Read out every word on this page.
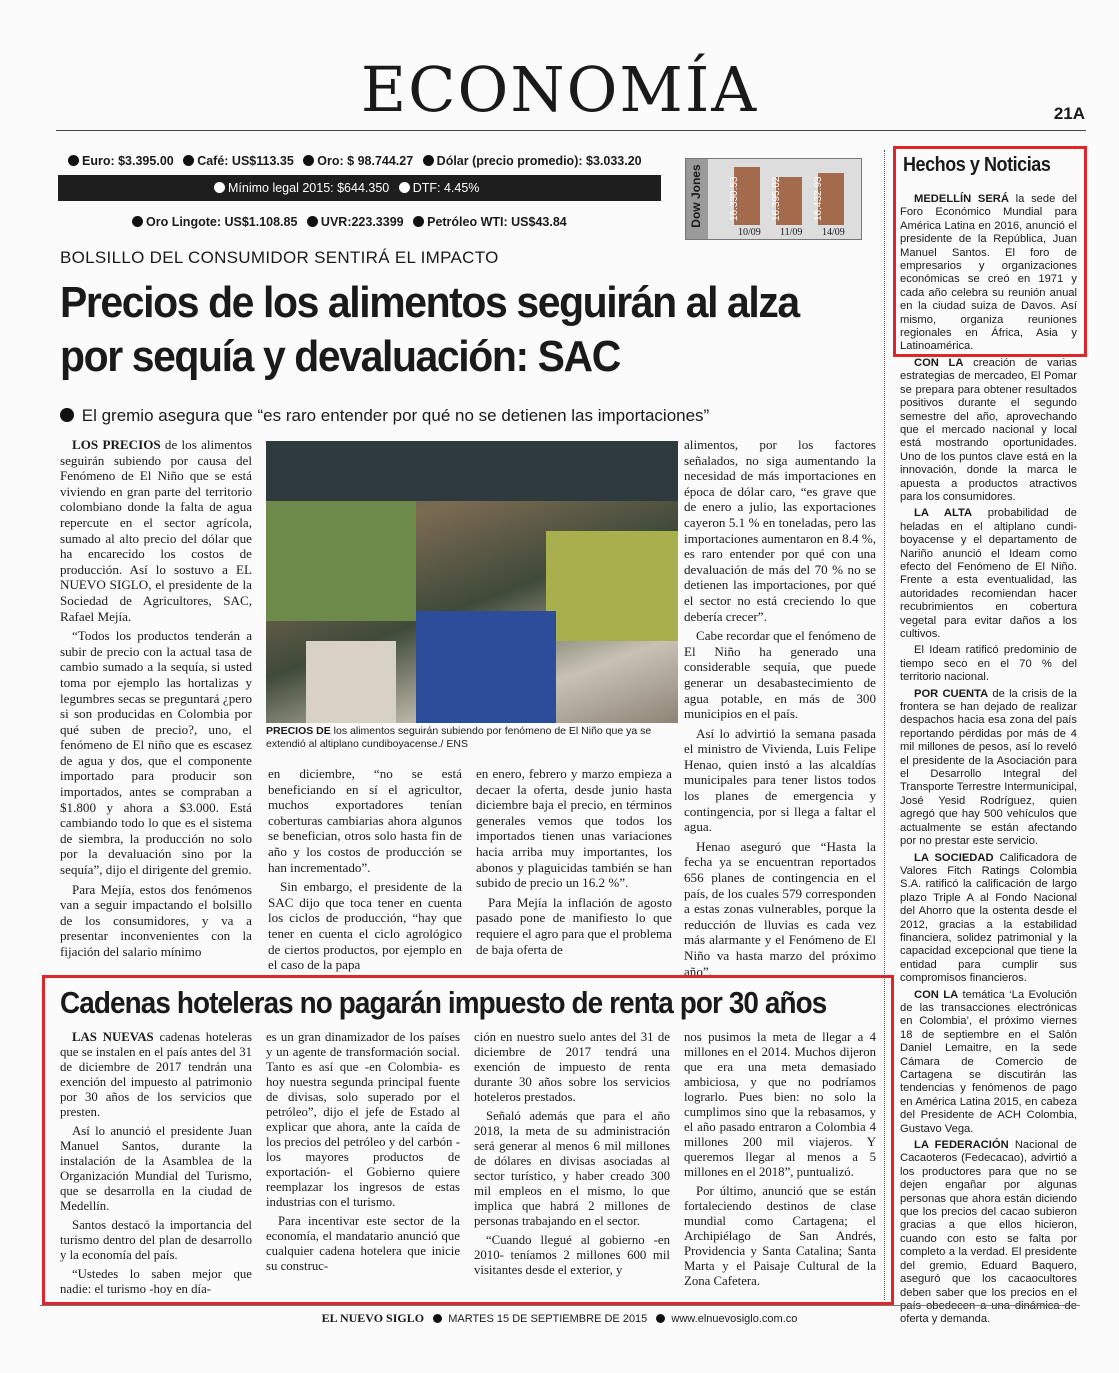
ECONOMÍA	21A
Euro: $3.395.00 Café: US$113.35 Oro: $ 98.744.27 Dólar (precio promedio): $3.033.20
Mínimo legal 2015: $644.350 DTF: 4.45%
Oro Lingote: US$1.108.85 UVR:223.3399 Petróleo WTI: US$43.84	Dow Jones	16.330.53	16.395.02	16.432.93
10/09 11/09 14/09
BOLSILLO DEL CONSUMIDOR SENTIRÁ EL IMPACTO
Precios de los alimentos seguirán al alza por sequía y devaluación: SAC
El gremio asegura que “es raro entender por qué no se detienen las importaciones”

LOS PRECIOS de los alimentos seguirán subiendo por causa del Fenómeno de El Niño que se está viviendo en gran parte del territorio colombiano donde la falta de agua repercute en el sector agrícola, sumado al alto precio del dólar que ha encarecido los costos de producción. Así lo sostuvo a EL NUEVO SIGLO, el presidente de la Sociedad de Agricultores, SAC, Rafael Mejía.

“Todos los productos tenderán a subir de precio con la actual tasa de cambio sumado a la sequía, si usted toma por ejemplo las hortalizas y legumbres secas se preguntará ¿pero si son producidas en Colombia por qué suben de precio?, uno, el fenómeno de El niño que es escasez de agua y dos, que el componente importado para producir son importados, antes se compraban a $1.800 y ahora a $3.000. Está cambiando todo lo que es el sistema de siembra, la producción no solo por la devaluación sino por la sequía”, dijo el dirigente del gremio.

Para Mejía, estos dos fenómenos van a seguir impactando el bolsillo de los consumidores, y va a presentar inconvenientes con la fijación del salario mínimo

PRECIOS DE los alimentos seguirán subiendo por fenómeno de El Niño que ya se extendió al altiplano cundiboyacense./ ENS

en diciembre, “no se está beneficiando en sí el agricultor, muchos exportadores tenían coberturas cambiarias ahora algunos se benefician, otros solo hasta fin de año y los costos de producción se han incrementado”.

Sin embargo, el presidente de la SAC dijo que toca tener en cuenta los ciclos de producción, “hay que tener en cuenta el ciclo agrológico de ciertos productos, por ejemplo en el caso de la papa

en enero, febrero y marzo empieza a decaer la oferta, desde junio hasta diciembre baja el precio, en términos generales vemos que todos los importados tienen unas variaciones hacia arriba muy importantes, los abonos y plaguicidas también se han subido de precio un 16.2 %”.

Para Mejía la inflación de agosto pasado pone de manifiesto lo que requiere el agro para que el problema de baja oferta de

alimentos, por los factores señalados, no siga aumentando la necesidad de más importaciones en época de dólar caro, “es grave que de enero a julio, las exportaciones cayeron 5.1 % en toneladas, pero las importaciones aumentaron en 8.4 %, es raro entender por qué con una devaluación de más del 70 % no se detienen las importaciones, por qué el sector no está creciendo lo que debería crecer”.

Cabe recordar que el fenómeno de El Niño ha generado una considerable sequía, que puede generar un desabastecimiento de agua potable, en más de 300 municipios en el país.

Así lo advirtió la semana pasada el ministro de Vivienda, Luis Felipe Henao, quien instó a las alcaldías municipales para tener listos todos los planes de emergencia y contingencia, por si llega a faltar el agua.

Henao aseguró que “Hasta la fecha ya se encuentran reportados 656 planes de contingencia en el país, de los cuales 579 corresponden a estas zonas vulnerables, porque la reducción de lluvias es cada vez más alarmante y el Fenómeno de El Niño va hasta marzo del próximo año”.

Cadenas hoteleras no pagarán impuesto de renta por 30 años

LAS NUEVAS cadenas hoteleras que se instalen en el país antes del 31 de diciembre de 2017 tendrán una exención del impuesto al patrimonio por 30 años de los servicios que presten.

Así lo anunció el presidente Juan Manuel Santos, durante la instalación de la Asamblea de la Organización Mundial del Turismo, que se desarrolla en la ciudad de Medellín.

Santos destacó la importancia del turismo dentro del plan de desarrollo y la economía del país.

“Ustedes lo saben mejor que nadie: el turismo -hoy en día-

es un gran dinamizador de los países y un agente de transformación social. Tanto es así que -en Colombia- es hoy nuestra segunda principal fuente de divisas, solo superado por el petróleo”, dijo el jefe de Estado al explicar que ahora, ante la caída de los precios del petróleo y del carbón -los mayores productos de exportación- el Gobierno quiere reemplazar los ingresos de estas industrias con el turismo.

Para incentivar este sector de la economía, el mandatario anunció que cualquier cadena hotelera que inicie su construc-

ción en nuestro suelo antes del 31 de diciembre de 2017 tendrá una exención de impuesto de renta durante 30 años sobre los servicios hoteleros prestados.

Señaló además que para el año 2018, la meta de su administración será generar al menos 6 mil millones de dólares en divisas asociadas al sector turístico, y haber creado 300 mil empleos en el mismo, lo que implica que habrá 2 millones de personas trabajando en el sector.

“Cuando llegué al gobierno -en 2010- teníamos 2 millones 600 mil visitantes desde el exterior, y

nos pusimos la meta de llegar a 4 millones en el 2014. Muchos dijeron que era una meta demasiado ambiciosa, y que no podríamos lograrlo. Pues bien: no solo la cumplimos sino que la rebasamos, y el año pasado entraron a Colombia 4 millones 200 mil viajeros. Y queremos llegar al menos a 5 millones en el 2018”, puntualizó.

Por último, anunció que se están fortaleciendo destinos de clase mundial como Cartagena; el Archipiélago de San Andrés, Providencia y Santa Catalina; Santa Marta y el Paisaje Cultural de la Zona Cafetera.

Hechos y Noticias

MEDELLÍN SERÁ la sede del Foro Económico Mundial para América Latina en 2016, anunció el presidente de la República, Juan Manuel Santos. El foro de empresarios y organizaciones económicas se creó en 1971 y cada año celebra su reunión anual en la ciudad suiza de Davos. Así mismo, organiza reuniones regionales en África, Asia y Latinoamérica.

CON LA creación de varias estrategias de mercadeo, El Pomar se prepara para obtener resultados positivos durante el segundo semestre del año, aprovechando que el mercado nacional y local está mostrando oportunidades. Uno de los puntos clave está en la innovación, donde la marca le apuesta a productos atractivos para los consumidores.

LA ALTA probabilidad de heladas en el altiplano cundi-boyacense y el departamento de Nariño anunció el Ideam como efecto del Fenómeno de El Niño. Frente a esta eventualidad, las autoridades recomiendan hacer recubrimientos en cobertura vegetal para evitar daños a los cultivos.

El Ideam ratificó predominio de tiempo seco en el 70 % del territorio nacional.

POR CUENTA de la crisis de la frontera se han dejado de realizar despachos hacia esa zona del país reportando pérdidas por más de 4 mil millones de pesos, así lo reveló el presidente de la Asociación para el Desarrollo Integral del Transporte Terrestre Intermunicipal, José Yesid Rodríguez, quien agregó que hay 500 vehículos que actualmente se están afectando por no prestar este servicio.

LA SOCIEDAD Calificadora de Valores Fitch Ratings Colombia S.A. ratificó la calificación de largo plazo Triple A al Fondo Nacional del Ahorro que la ostenta desde el 2012, gracias a la estabilidad financiera, solidez patrimonial y la capacidad excepcional que tiene la entidad para cumplir sus compromisos financieros.

CON LA temática ‘La Evolución de las transacciones electrónicas en Colombia’, el próximo viernes 18 de septiembre en el Salón Daniel Lemaitre, en la sede Cámara de Comercio de Cartagena se discutirán las tendencias y fenómenos de pago en América Latina 2015, en cabeza del Presidente de ACH Colombia, Gustavo Vega.

LA FEDERACIÓN Nacional de Cacaoteros (Fedecacao), advirtió a los productores para que no se dejen engañar por algunas personas que ahora están diciendo que los precios del cacao subieron gracias a que ellos hicieron, cuando con esto se falta por completo a la verdad. El presidente del gremio, Eduard Baquero, aseguró que los cacaocultores deben saber que los precios en el país obedecen a una dinámica de oferta y demanda.

EL NUEVO SIGLO MARTES 15 DE SEPTIEMBRE DE 2015 www.elnuevosiglo.com.co
